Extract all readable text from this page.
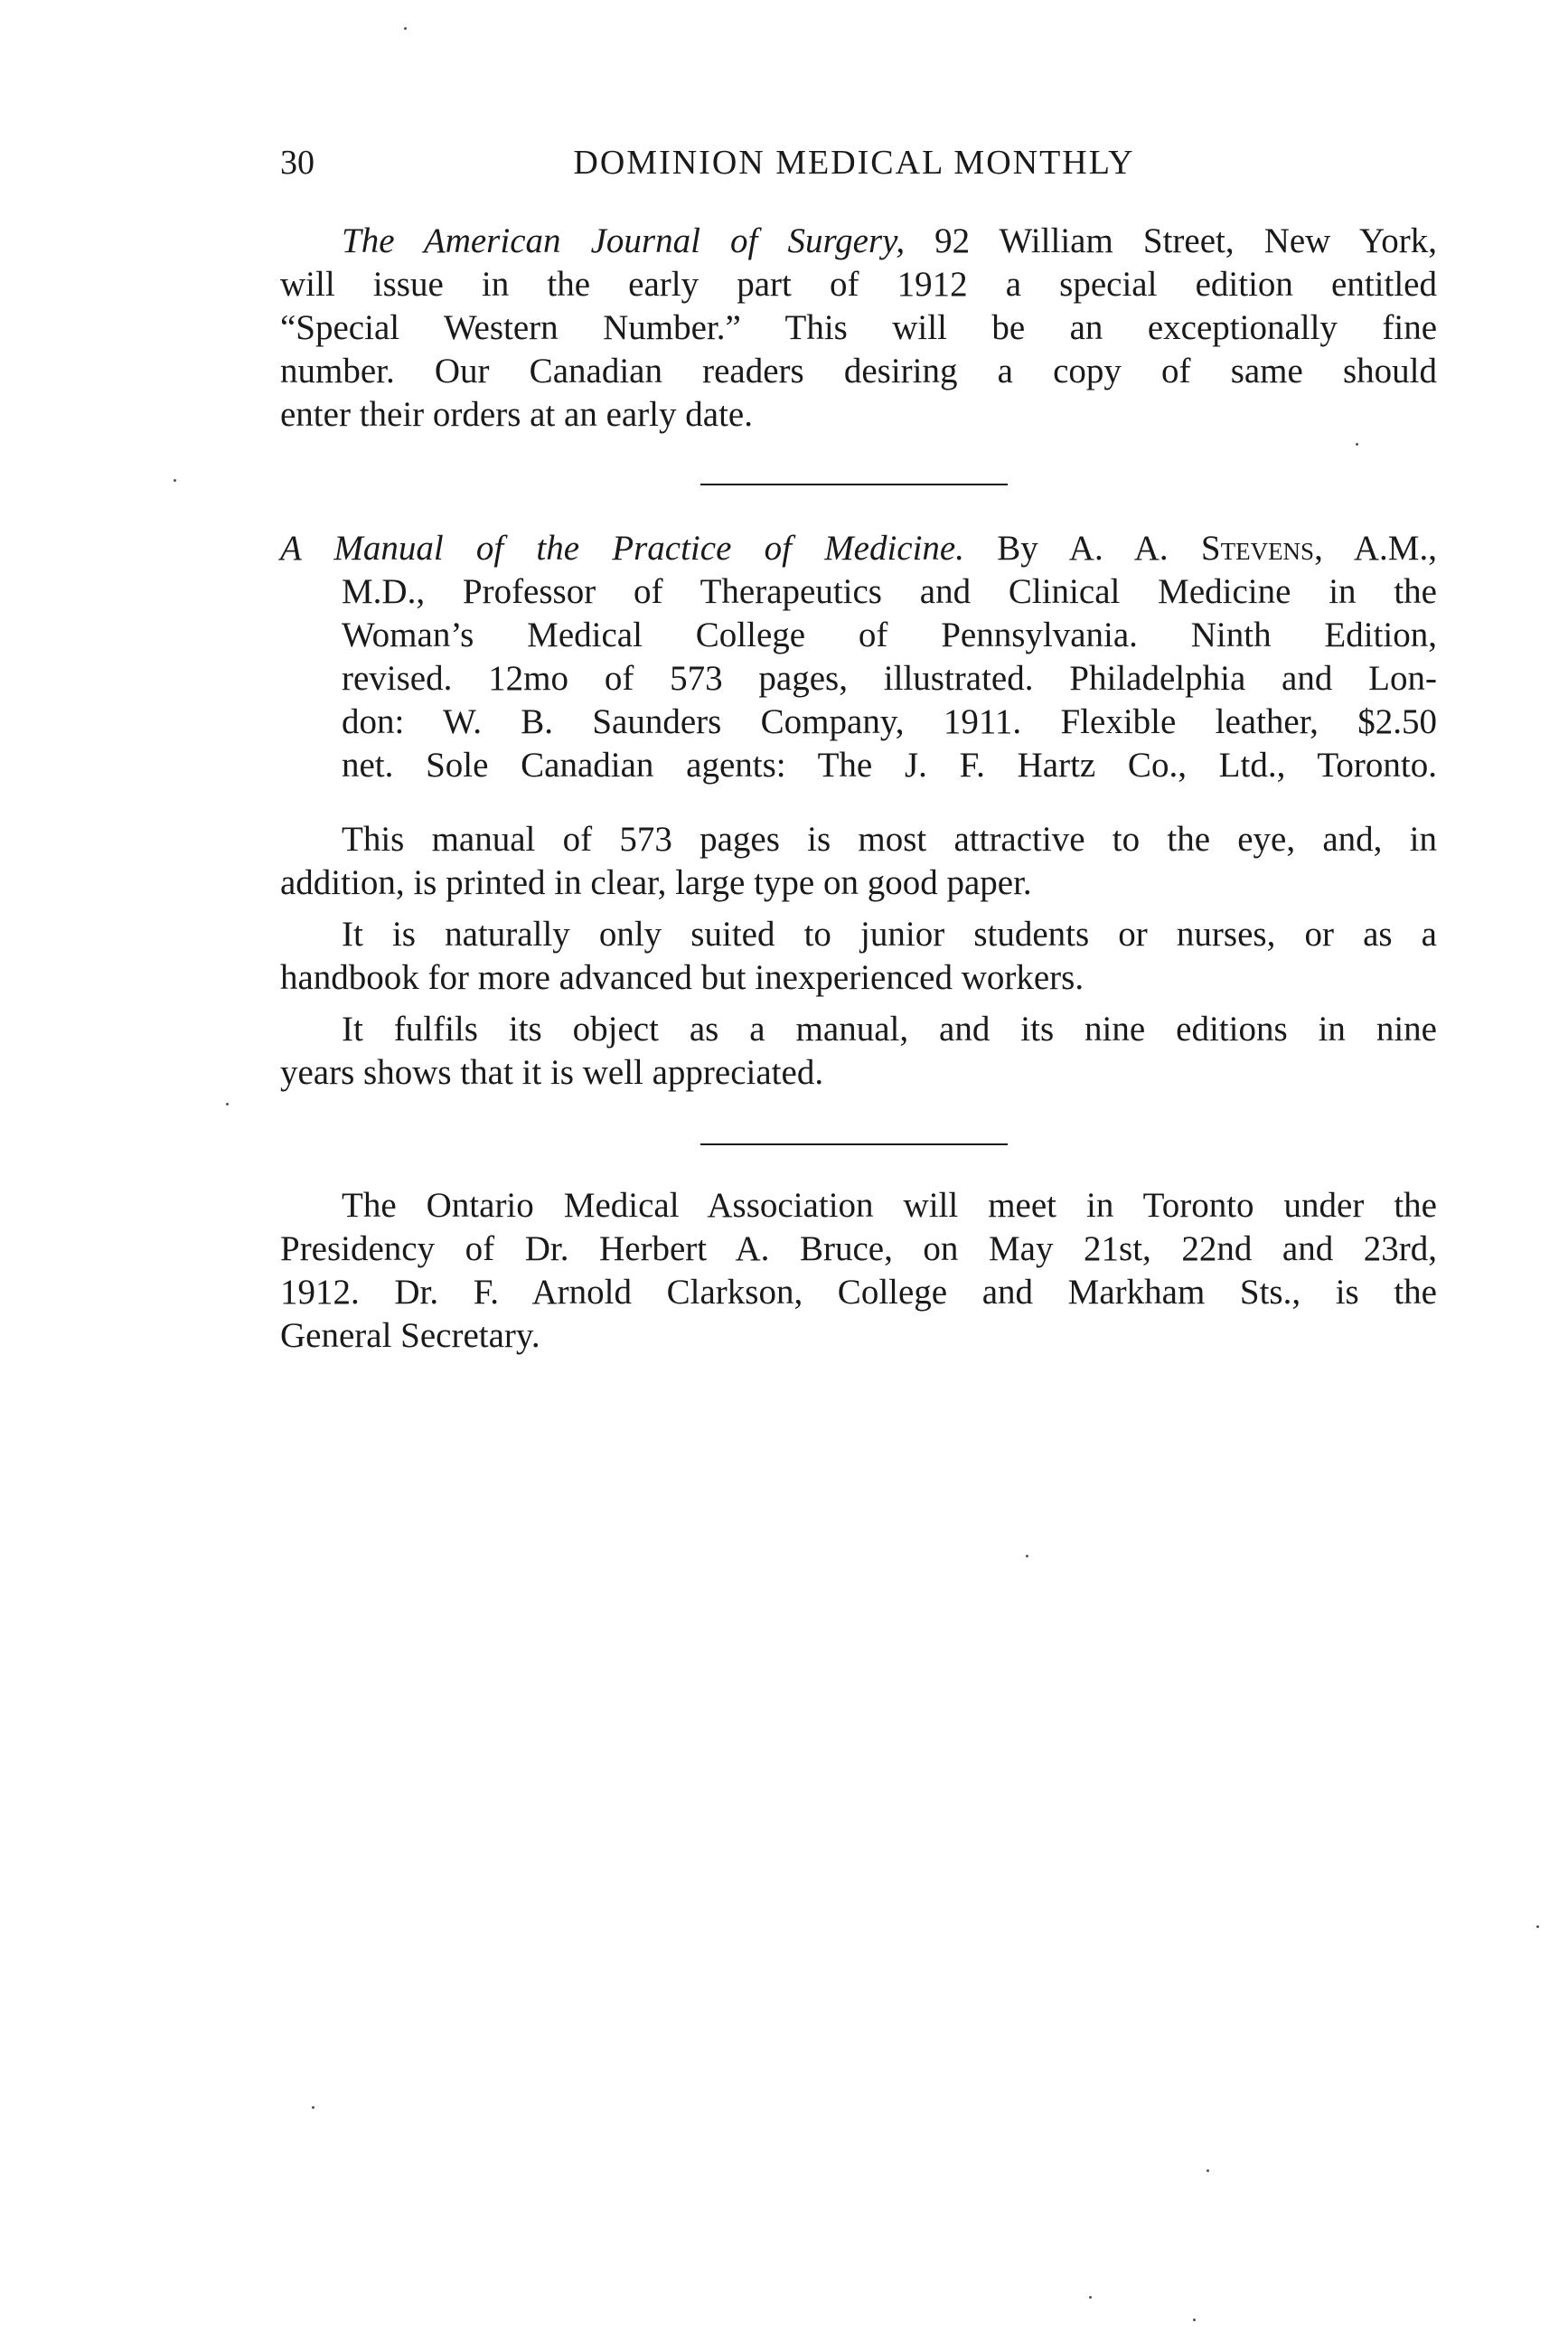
30	DOMINION MEDICAL MONTHLY
The American Journal of Surgery, 92 William Street, New York,
will issue in the early part of 1912 a special edition entitled
“Special Western Number.” This will be an exceptionally fine
number. Our Canadian readers desiring a copy of same should
enter their orders at an early date.
A Manual of the Practice of Medicine. By A. A. Stevens, A.M.,
M.D., Professor of Therapeutics and Clinical Medicine in the
Woman’s Medical College of Pennsylvania. Ninth Edition,
revised. 12mo of 573 pages, illustrated. Philadelphia and Lon-
don: W. B. Saunders Company, 1911. Flexible leather, $2.50
net. Sole Canadian agents: The J. F. Hartz Co., Ltd., Toronto.
This manual of 573 pages is most attractive to the eye, and, in
addition, is printed in clear, large type on good paper.
It is naturally only suited to junior students or nurses, or as a
handbook for more advanced but inexperienced workers.
It fulfils its object as a manual, and its nine editions in nine
years shows that it is well appreciated.
The Ontario Medical Association will meet in Toronto under the
Presidency of Dr. Herbert A. Bruce, on May 21st, 22nd and 23rd,
1912. Dr. F. Arnold Clarkson, College and Markham Sts., is the
General Secretary.
